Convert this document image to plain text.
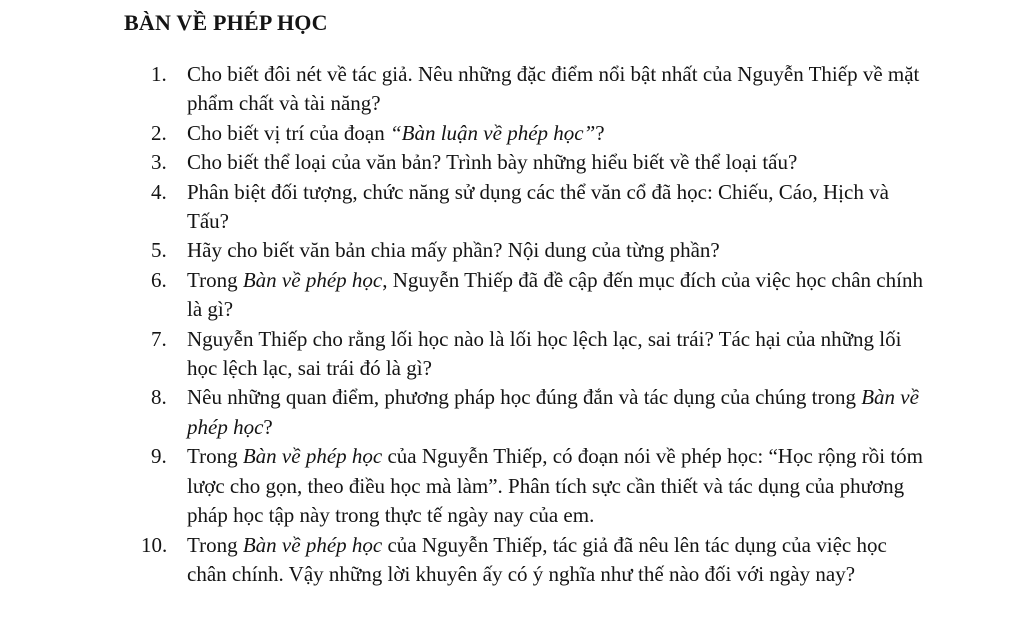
BÀN VỀ PHÉP HỌC
1. Cho biết đôi nét về tác giả. Nêu những đặc điểm nổi bật nhất của Nguyễn Thiếp về mặt phẩm chất và tài năng?
2. Cho biết vị trí của đoạn “Bàn luận về phép học”?
3. Cho biết thể loại của văn bản? Trình bày những hiểu biết về thể loại tấu?
4. Phân biệt đối tượng, chức năng sử dụng các thể văn cổ đã học: Chiếu, Cáo, Hịch và Tấu?
5. Hãy cho biết văn bản chia mấy phần? Nội dung của từng phần?
6. Trong Bàn về phép học, Nguyễn Thiếp đã đề cập đến mục đích của việc học chân chính là gì?
7. Nguyễn Thiếp cho rằng lối học nào là lối học lệch lạc, sai trái? Tác hại của những lối học lệch lạc, sai trái đó là gì?
8. Nêu những quan điểm, phương pháp học đúng đắn và tác dụng của chúng trong Bàn về phép học?
9. Trong Bàn về phép học của Nguyễn Thiếp, có đoạn nói về phép học: “Học rộng rồi tóm lược cho gọn, theo điều học mà làm”. Phân tích sực cần thiết và tác dụng của phương pháp học tập này trong thực tế ngày nay của em.
10. Trong Bàn về phép học của Nguyễn Thiếp, tác giả đã nêu lên tác dụng của việc học chân chính. Vậy những lời khuyên ấy có ý nghĩa như thế nào đối với ngày nay?
